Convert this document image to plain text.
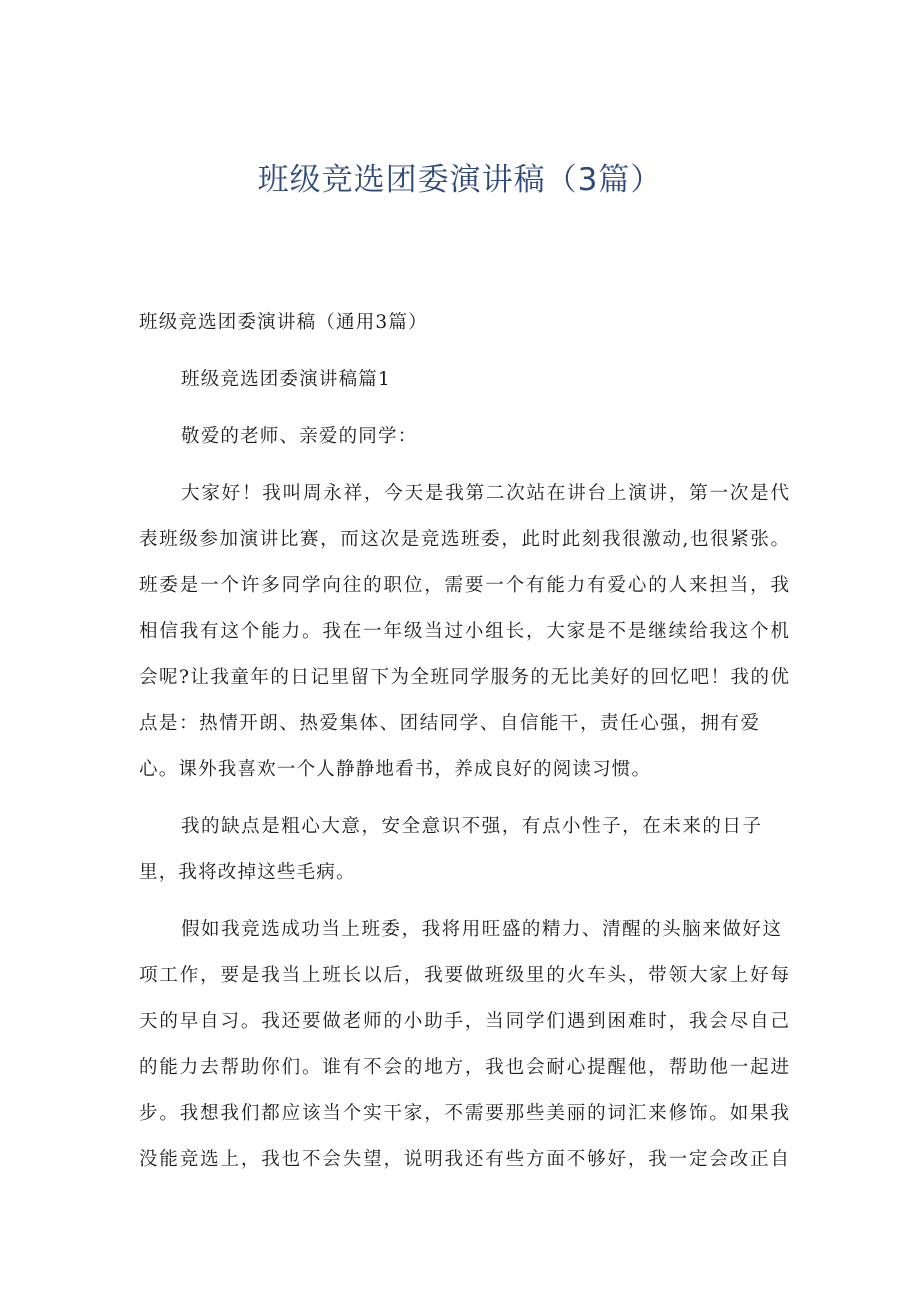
班级竞选团委演讲稿（3篇）

班级竞选团委演讲稿（通用3篇）

班级竞选团委演讲稿篇1

敬爱的老师、亲爱的同学：

大家好！我叫周永祥，今天是我第二次站在讲台上演讲，第一次是代

表班级参加演讲比赛，而这次是竞选班委，此时此刻我很激动,也很紧张。

班委是一个许多同学向往的职位，需要一个有能力有爱心的人来担当，我

相信我有这个能力。我在一年级当过小组长，大家是不是继续给我这个机

会呢?让我童年的日记里留下为全班同学服务的无比美好的回忆吧！我的优

点是：热情开朗、热爱集体、团结同学、自信能干，责任心强，拥有爱

心。课外我喜欢一个人静静地看书，养成良好的阅读习惯。

我的缺点是粗心大意，安全意识不强，有点小性子，在未来的日子

里，我将改掉这些毛病。

假如我竞选成功当上班委，我将用旺盛的精力、清醒的头脑来做好这

项工作，要是我当上班长以后，我要做班级里的火车头，带领大家上好每

天的早自习。我还要做老师的小助手，当同学们遇到困难时，我会尽自己

的能力去帮助你们。谁有不会的地方，我也会耐心提醒他，帮助他一起进

步。我想我们都应该当个实干家，不需要那些美丽的词汇来修饰。如果我

没能竞选上，我也不会失望，说明我还有些方面不够好，我一定会改正自
